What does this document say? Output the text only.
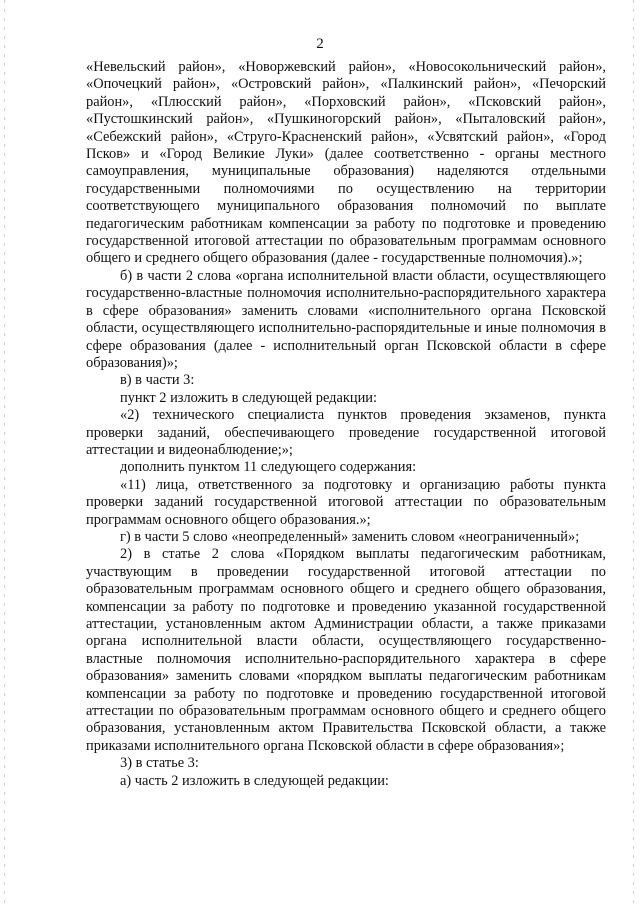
2

«Невельский район», «Новоржевский район», «Новосокольнический район», «Опочецкий район», «Островский район», «Палкинский район», «Печорский район», «Плюсский район», «Порховский район», «Псковский район», «Пустошкинский район», «Пушкиногорский район», «Пыталовский район», «Себежский район», «Струго-Красненский район», «Усвятский район», «Город Псков» и «Город Великие Луки» (далее соответственно - органы местного самоуправления, муниципальные образования) наделяются отдельными государственными полномочиями по осуществлению на территории соответствующего муниципального образования полномочий по выплате педагогическим работникам компенсации за работу по подготовке и проведению государственной итоговой аттестации по образовательным программам основного общего и среднего общего образования (далее - государственные полномочия).»;

б) в части 2 слова «органа исполнительной власти области, осуществляющего государственно-властные полномочия исполнительно-распорядительного характера в сфере образования» заменить словами «исполнительного органа Псковской области, осуществляющего исполнительно-распорядительные и иные полномочия в сфере образования (далее - исполнительный орган Псковской области в сфере образования)»;

в) в части 3:

пункт 2 изложить в следующей редакции:

«2) технического специалиста пунктов проведения экзаменов, пункта проверки заданий, обеспечивающего проведение государственной итоговой аттестации и видеонаблюдение;»;

дополнить пунктом 11 следующего содержания:

«11) лица, ответственного за подготовку и организацию работы пункта проверки заданий государственной итоговой аттестации по образовательным программам основного общего образования.»;

г) в части 5 слово «неопределенный» заменить словом «неограниченный»;

2) в статье 2 слова «Порядком выплаты педагогическим работникам, участвующим в проведении государственной итоговой аттестации по образовательным программам основного общего и среднего общего образования, компенсации за работу по подготовке и проведению указанной государственной аттестации, установленным актом Администрации области, а также приказами органа исполнительной власти области, осуществляющего государственно-властные полномочия исполнительно-распорядительного характера в сфере образования» заменить словами «порядком выплаты педагогическим работникам компенсации за работу по подготовке и проведению государственной итоговой аттестации по образовательным программам основного общего и среднего общего образования, установленным актом Правительства Псковской области, а также приказами исполнительного органа Псковской области в сфере образования»;

3) в статье 3:

а) часть 2 изложить в следующей редакции:
